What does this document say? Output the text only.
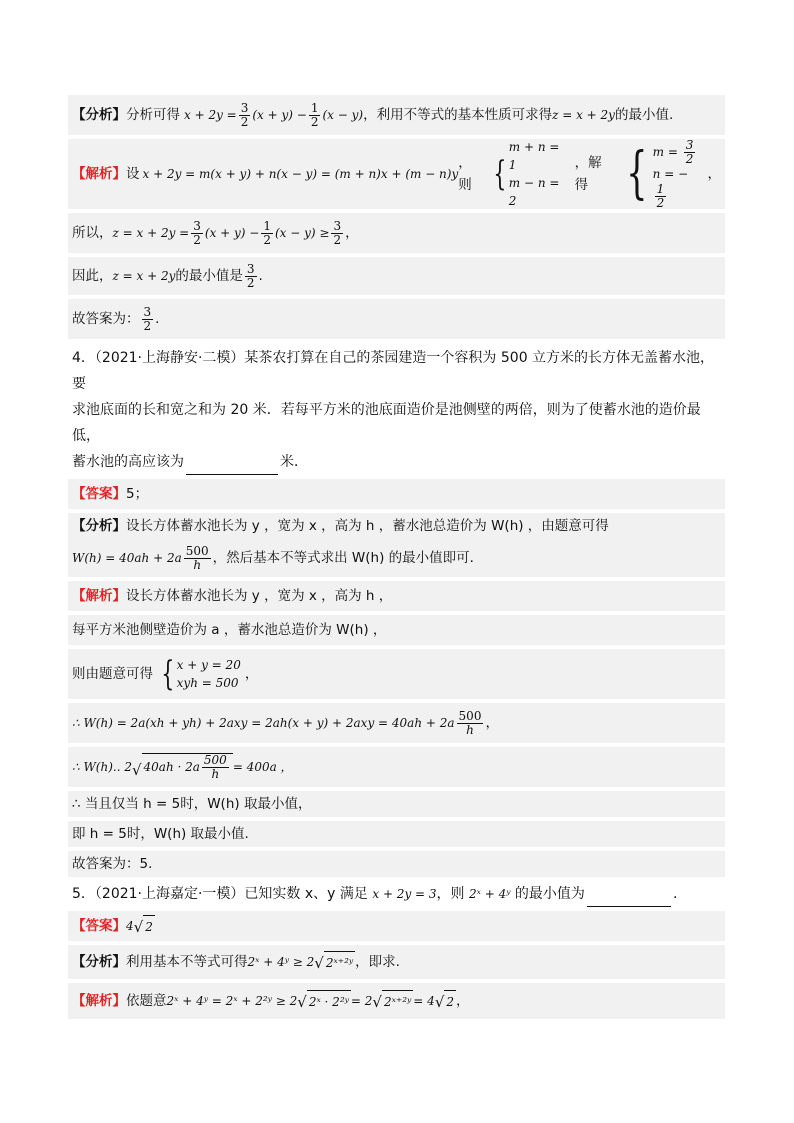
【分析】 分析可得 $x + 2y = \frac{3}{2} (x + y) - \frac{1}{2} (x - y)$ ，利用不等式的基本性质可求得 z = x + 2y 的最小值.
【解析】 设 x + 2y = m(x + y) + n(x − y) = (m + n)x + (m − n)y
，则 {
m + n = 1
m − n = 2
，解得 { $m = \frac{3}{2}$
n = −
$\frac{1}{2}$
，
所以， $z = x + 2y = \frac{3}{2} (x + y) - \frac{1}{2} (x - y) \ge \frac{3}{2}$ ，
因此， z = x + 2y 的最小值是 $\frac{3}{2}$ .
故答案为： $\frac{3}{2}$ .
4．（2021·上海静安·二模）某茶农打算在自己的茶园建造一个容积为 500 立方米的长方体无盖蓄水池，要
求池底面的长和宽之和为 20 米．若每平方米的池底面造价是池侧壁的两倍，则为了使蓄水池的造价最低，
蓄水池的高应该为	米．
【答案】 5；
【分析】 设长方体蓄水池长为 y ，宽为 x ，高为 h ，蓄水池总造价为 W(h) ，由题意可得
$W(h) = 40ah + 2a \frac{500}{h}$ ，然后基本不等式求出 W(h) 的最小值即可．
【解析】 设长方体蓄水池长为 y ，宽为 x ，高为 h ，
每平方米池侧壁造价为 a ，蓄水池总造价为 W(h) ，
则由题意可得 { x + y = 20
xyh = 500
，
∴ $W(h) = 2a(xh + yh) + 2axy = 2ah(x + y) + 2axy = 40ah + 2a \frac{500}{h}$ ，
∴ W(h).. 2 √ $40ah \cdot 2a \frac{500}{h} = 400a$ ，
∴ 当且仅当 h = 5时，W(h) 取最小值，
即 h = 5时，W(h) 取最小值.
故答案为：5．
5．（2021·上海嘉定·一模）已知实数 x、y 满足 x + 2y = 3，则 2ˣ + 4ʸ 的最小值为	.
【答案】 4 √ 2
【分析】 利用基本不等式可得 2ˣ + 4ʸ ≥ 2 √ 2ˣ⁺²ʸ ，即求.
【解析】 依题意 2ˣ + 4ʸ = 2ˣ + 2²ʸ ≥ 2 √ 2ˣ · 2²ʸ = 2 √ 2ˣ⁺²ʸ = 4 √ 2 ，
